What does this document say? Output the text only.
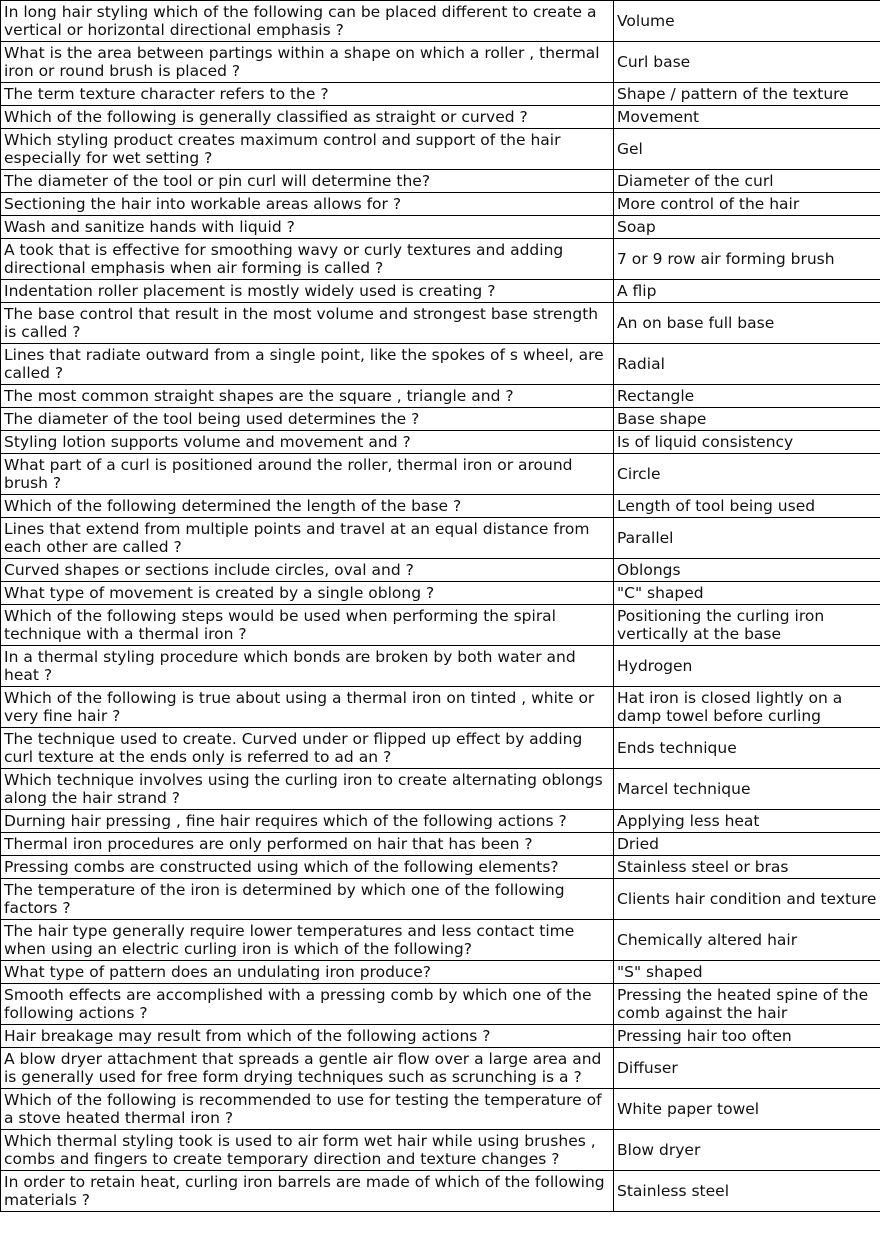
In long hair styling which of the following can be placed different to create a vertical or horizontal directional emphasis ?	Volume
What is the area between partings within a shape on which a roller , thermal iron or round brush is placed ?	Curl base
The term texture character refers to the ?	Shape / pattern of the texture
Which of the following is generally classified as straight or curved ?	Movement
Which styling product creates maximum control and support of the hair especially for wet setting ?	Gel
The diameter of the tool or pin curl will determine the?	Diameter of the curl
Sectioning the hair into workable areas allows for ?	More control of the hair
Wash and sanitize hands with liquid ?	Soap
A took that is effective for smoothing wavy or curly textures and adding directional emphasis when air forming is called ?	7 or 9 row air forming brush
Indentation roller placement is mostly widely used is creating ?	A flip
The base control that result in the most volume and strongest base strength is called ?	An on base full base
Lines that radiate outward from a single point, like the spokes of s wheel, are called ?	Radial
The most common straight shapes are the square , triangle and ?	Rectangle
The diameter of the tool being used determines the ?	Base shape
Styling lotion supports volume and movement and ?	Is of liquid consistency
What part of a curl is positioned around the roller, thermal iron or around brush ?	Circle
Which of the following determined the length of the base ?	Length of tool being used
Lines that extend from multiple points and travel at an equal distance from each other are called ?	Parallel
Curved shapes or sections include circles, oval and ?	Oblongs
What type of movement is created by a single oblong ?	"C" shaped
Which of the following steps would be used when performing the spiral technique with a thermal iron ?	Positioning the curling iron vertically at the base
In a thermal styling procedure which bonds are broken by both water and heat ?	Hydrogen
Which of the following is true about using a thermal iron on tinted , white or very fine hair ?	Hat iron is closed lightly on a damp towel before curling
The technique used to create. Curved under or flipped up effect by adding curl texture at the ends only is referred to ad an ?	Ends technique
Which technique involves using the curling iron to create alternating oblongs along the hair strand ?	Marcel technique
Durning hair pressing , fine hair requires which of the following actions ?	Applying less heat
Thermal iron procedures are only performed on hair that has been ?	Dried
Pressing combs are constructed using which of the following elements?	Stainless steel or bras
The temperature of the iron is determined by which one of the following factors ?	Clients hair condition and texture
The hair type generally require lower temperatures and less contact time when using an electric curling iron is which of the following?	Chemically altered hair
What type of pattern does an undulating iron produce?	"S" shaped
Smooth effects are accomplished with a pressing comb by which one of the following actions ?	Pressing the heated spine of the comb against the hair
Hair breakage may result from which of the following actions ?	Pressing hair too often
A blow dryer attachment that spreads a gentle air flow over a large area and is generally used for free form drying techniques such as scrunching is a ?	Diffuser
Which of the following is recommended to use for testing the temperature of a stove heated thermal iron ?	White paper towel
Which thermal styling took is used to air form wet hair while using brushes , combs and fingers to create temporary direction and texture changes ?	Blow dryer
In order to retain heat, curling iron barrels are made of which of the following materials ?	Stainless steel
